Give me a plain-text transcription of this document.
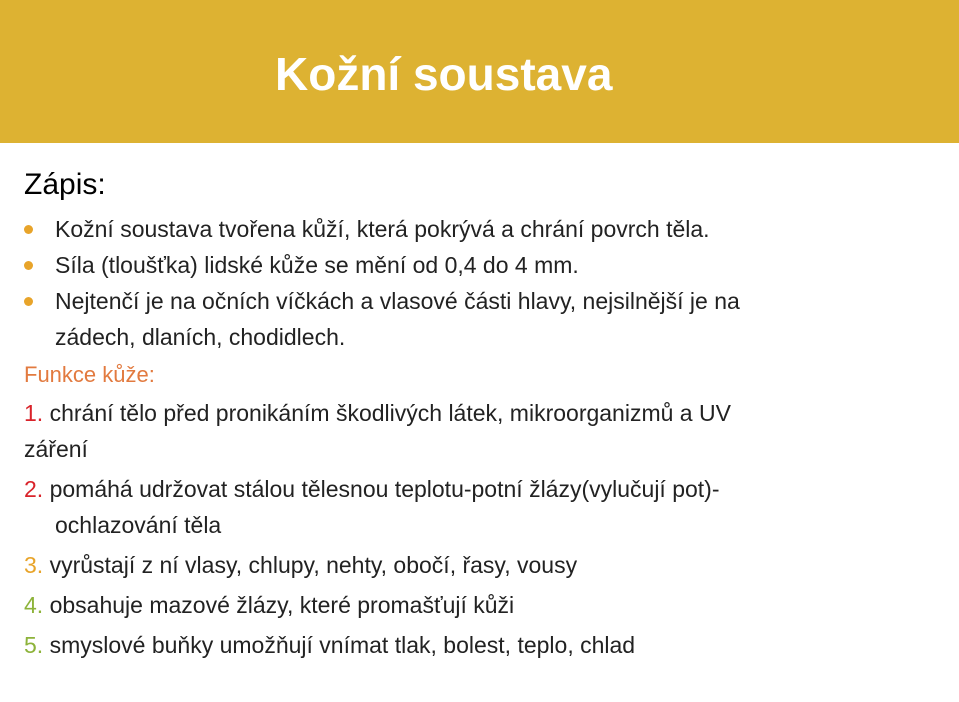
Kožní soustava
Zápis:
Kožní soustava tvořena kůží, která pokrývá a chrání povrch těla.
Síla (tloušťka) lidské kůže se mění od 0,4 do 4 mm.
Nejtenčí je na očních víčkách a vlasové části hlavy, nejsilnější je na
zádech, dlaních, chodidlech.
Funkce kůže:
1. chrání tělo před pronikáním škodlivých látek, mikroorganizmů a UV
záření
2. pomáhá udržovat stálou tělesnou teplotu-potní žlázy(vylučují pot)-
ochlazování těla
3. vyrůstají z ní vlasy, chlupy, nehty, obočí, řasy, vousy
4. obsahuje mazové žlázy, které promašťují kůži
5. smyslové buňky umožňují vnímat tlak, bolest, teplo, chlad
